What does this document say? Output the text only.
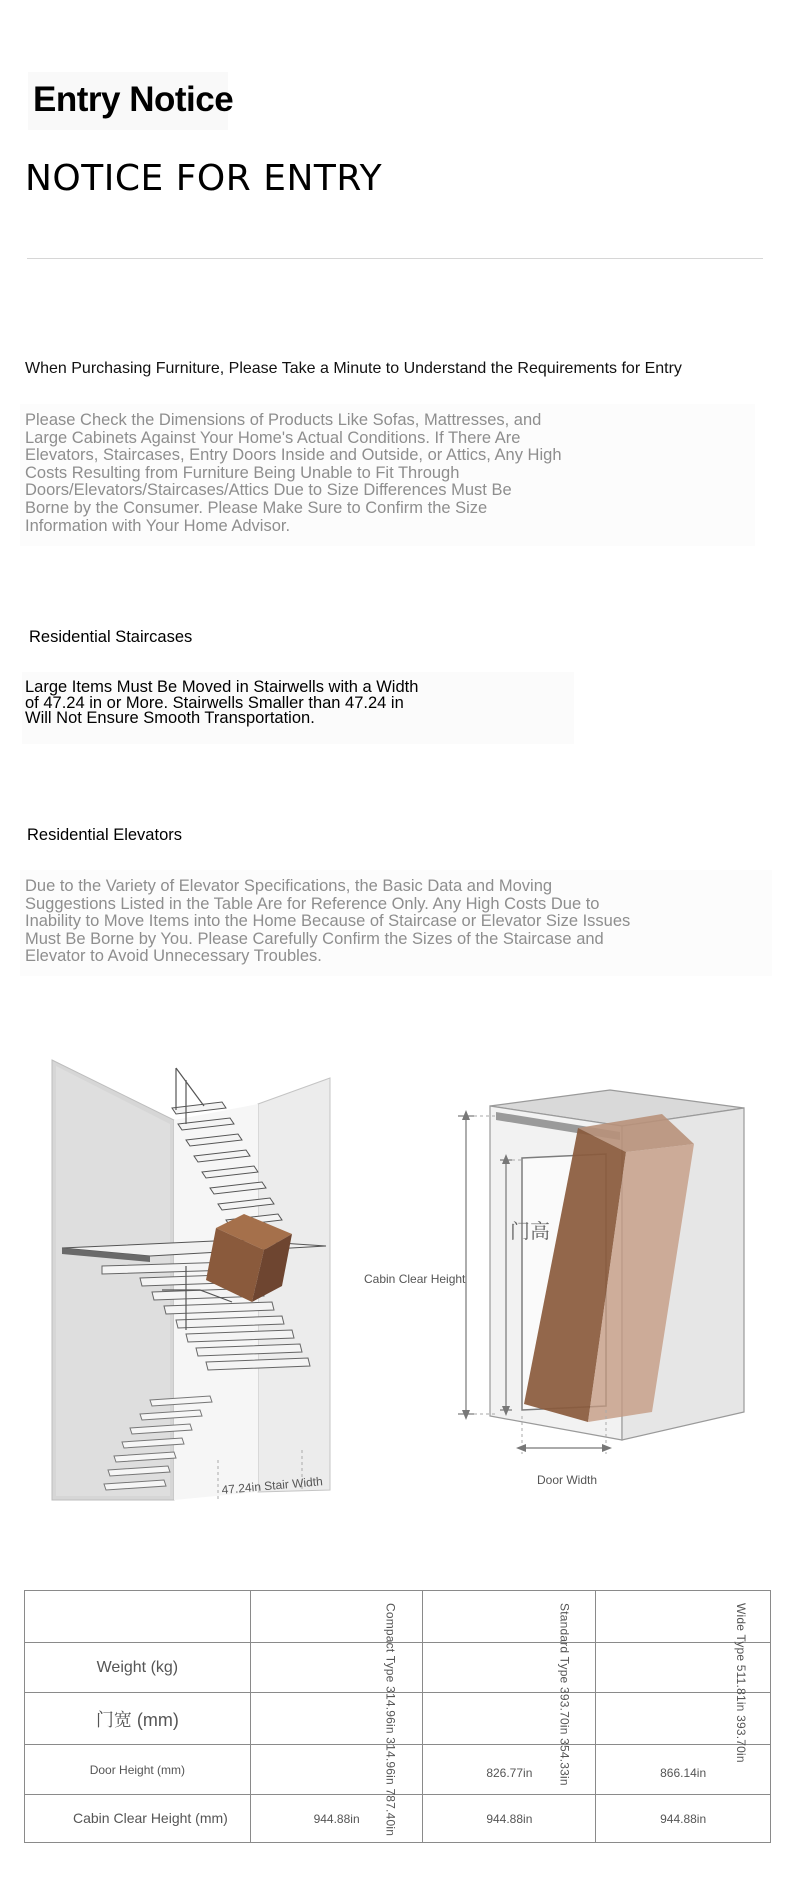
Entry Notice
NOTICE FOR ENTRY
When Purchasing Furniture, Please Take a Minute to Understand the Requirements for Entry
Please Check the Dimensions of Products Like Sofas, Mattresses, and
Large Cabinets Against Your Home's Actual Conditions. If There Are
Elevators, Staircases, Entry Doors Inside and Outside, or Attics, Any High
Costs Resulting from Furniture Being Unable to Fit Through
Doors/Elevators/Staircases/Attics Due to Size Differences Must Be
Borne by the Consumer. Please Make Sure to Confirm the Size
Information with Your Home Advisor.
Residential Staircases
Large Items Must Be Moved in Stairwells with a Width
of 47.24 in or More. Stairwells Smaller than 47.24 in
Will Not Ensure Smooth Transportation.
Residential Elevators
Due to the Variety of Elevator Specifications, the Basic Data and Moving
Suggestions Listed in the Table Are for Reference Only. Any High Costs Due to
Inability to Move Items into the Home Because of Staircase or Elevator Size Issues
Must Be Borne by You. Please Carefully Confirm the Sizes of the Staircase and
Elevator to Avoid Unnecessary Troubles.
47.24in Stair Width
Cabin Clear Height
门高
Door Width

	Compact Type 314.96in 314.96in 787.40in	Standard Type 393.70in 354.33in	Wide Type 511.81in 393.70in

Weight (kg)			
门宽 (mm)			
Door Height (mm)		826.77in	866.14in
Cabin Clear Height (mm)	944.88in	944.88in	944.88in
